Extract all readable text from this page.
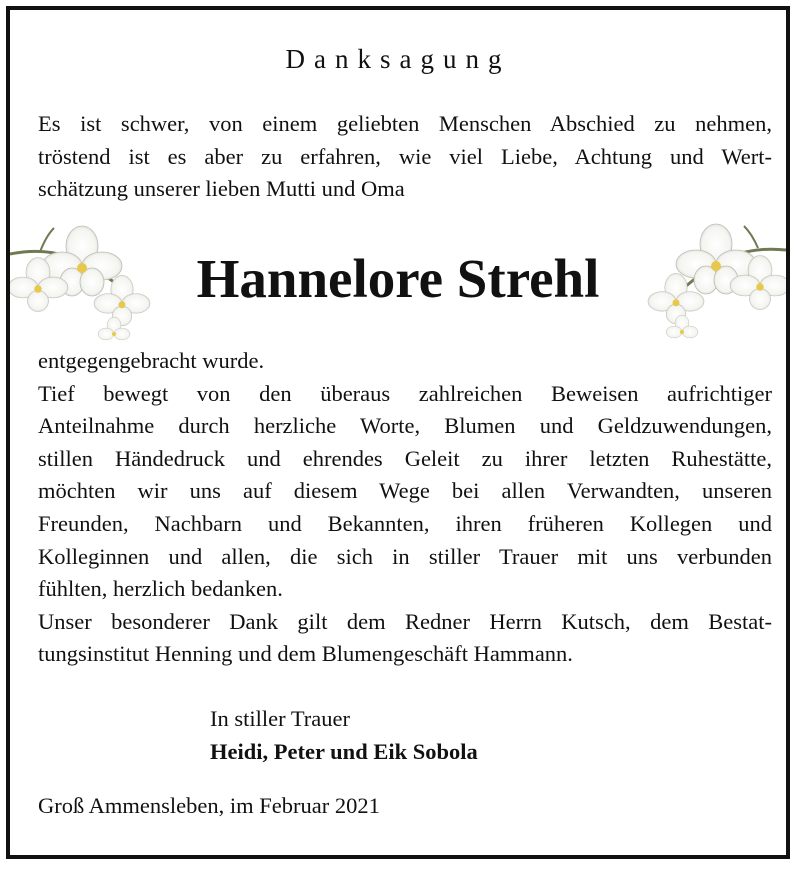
Danksagung

Es ist schwer, von einem geliebten Menschen Abschied zu nehmen,
tröstend ist es aber zu erfahren, wie viel Liebe, Achtung und Wert-
schätzung unserer lieben Mutti und Oma

Hannelore Strehl

entgegengebracht wurde.
Tief bewegt von den überaus zahlreichen Beweisen aufrichtiger
Anteilnahme durch herzliche Worte, Blumen und Geldzuwendungen,
stillen Händedruck und ehrendes Geleit zu ihrer letzten Ruhestätte,
möchten wir uns auf diesem Wege bei allen Verwandten, unseren
Freunden, Nachbarn und Bekannten, ihren früheren Kollegen und
Kolleginnen und allen, die sich in stiller Trauer mit uns verbunden
fühlten, herzlich bedanken.
Unser besonderer Dank gilt dem Redner Herrn Kutsch, dem Bestat-
tungsinstitut Henning und dem Blumengeschäft Hammann.

In stiller Trauer
Heidi, Peter und Eik Sobola
Groß Ammensleben, im Februar 2021
